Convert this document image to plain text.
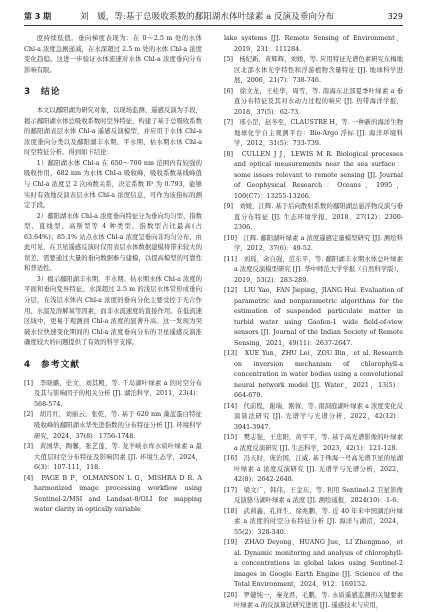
第 3 期	刘　媛，等:基于总吸收系数的鄱阳湖水体叶绿素 a 反演及垂向分布	329

度持续低值。垂向梯度表现为：在 0～2.5 m 处的水体 Chl-a 浓度急剧递减，在水深超过 2.5 m 处的水体 Chl-a 浓度变化趋稳。这进一步验证水体流速对水体 Chl-a 浓度垂向分布影响有限。

3　结论

本文以鄱阳湖为研究对象，以现场监测、遥感反演为手段，揭示鄱阳湖水体总吸收系数时空异特征，构建了基于总吸收系数的鄱阳湖表层水体 Chl-a 遥感反演模型，并应用于水体 Chl-a 浓度垂向分类以及鄱阳湖丰水期、平水期、枯水期水体 Chl-a 时空特征分析。得到如下结论：

1）鄱阳湖水体 Chl-a 在 650～700 nm 范围内有较强的吸收作用，682 nm 为水体 Chl-a 吸收峰，吸收系数基线峰值与 Chl-a 浓度呈 2 次函数关系，决定系数 R² 为 0.793，能够实时有效地反演表层水体 Chl-a 浓度信息，可作为该指标的测定手段。

2）鄱阳湖水体 Chl-a 浓度垂向特征分为垂向均匀型、指数型、直线型、高斯型等 4 种类型，指数型占比最高(占 63.64%)；85.1% 站点水体 Chl-a 浓度呈垂向非均匀分布，由此可见，在卫星遥感反演时仅用表层水体数据建模将带来较大的误差，需要通过大量的垂向数据参与建模，以提高模型的可靠性和普适性。

3）揭示鄱阳湖丰水期、平水期、枯水期水体 Chl-a 浓度的平面和垂向变异特征。水深超过 2.5 m 的浅层水体常形成垂向分层，在浅层水体内 Chl-a 浓度的垂向分化主要受控于光合作用、水温及溶解氧等因素，而非水流速度的直接作用。在低流速区域中，更易于观测到 Chl-a 浓度的显著升高。这一发现为突破水位快速变化期间的 Chl-a 浓度垂向分布的卫星遥感反演准确度较大的问题提供了有效的科学支撑。

4　参考文献

[1]　李晓璐，史文，刘其殿，等. 千岛湖叶绿素 a 的时空分布及其与影响因子的相关分析 [J]. 湖泊科学，2011，23(4)：568-574.

[2]　胡月红，刘丽云，张乾，等. 基于 620 nm 藻蓝蛋白特征吸收峰的鄱阳湖水华先进指数的分布特征分析 [J]. 环境科学研究，2024，37(8)：1756-1748.

[3]　黄国华，陶馨，张艺莲，等. 龙羊峡水库水质叶绿素 a 最大值层时空分布特征及影响因素 [J]. 环境生态学，2024，6(3)：107-111，118.

[4]　PAGE B P，OLMANSON L G，MISHRA D R. A harmonized image processing workflow using Sentinel-2/MSI and Landsat-8/OLI for mapping water clarity in optically variable

lake systems [J]. Remote Sensing of Environment，2019，231：111284.

[5]　杨纪新，黄辉辉，刘媛，等. 应用特征光谱色素研究东梅地区北部水体光学特性和浮游植物含量特征 [J]. 地球科学进展，2006，21(7)：738-746.

[6]　徐文龙，王桂华，周雪，等. 南海东北部夏季叶绿素 a 垂直分布特征及其对水动力过程的响应 [J]. 热带海洋学报，2018，37(5)：62-73.

[7]　邢小罡，赵冬至，CLAUSTRE H，等. 一种新的海洋生物地球化学自主观测平台：Bio-Argo 浮标 [J]. 海洋环境科学，2012，31(5)：733-739.

[8]　CULLEN J J，LEWIS M R. Biological processes and optical measurements near the sea surface：some issues relevant to remote sensing [J]. Journal of Geophysical Research：Oceans，1995，100(C7)：13255-13266.

[9]　刘媛，江辉. 基于后向散射系数的鄱阳湖总悬浮物反演与垂直分布特征 [J]. 生态环境学报，2018，27(12)：2300-2306.

[10]　江辉. 鄱阳湖叶绿素 a 浓度遥感定量模型研究 [J]. 测绘科学，2012，37(6)：49-52.

[11]　刘瑶，余自强，范东平，等. 鄱阳湖丰水期水体总叶绿素 a 浓度反演模型研究 [J]. 华中师范大学学报（自然科学版），2019，53(2)：283-289.

[12]　LIU Yao，FAN Jieping，JIANG Hui. Evaluation of parametric and nonparametric algorithms for the estimation of suspended particulate matter in turbid water using Gaofen-1 wide field-of-view sensors [J]. Journal of the Indian Society of Remote Sensing，2021，49(11)：2637-2647.

[13]　XUE Yun，ZHU Lei，ZOU Bin，et al. Research on inversion mechanism of chlorophyll-a concentration in water bodies using a convolutional neural network model [J]. Water，2021，13(5)：664-679.

[14]　代前程，谢瑞，刚蓉，等. 南洞庭湖叶绿素 a 浓度变化反演算法研究 [J]. 光谱学与光谱分析，2022，42(12)：3941-3947.

[15]　樊志强，王忠阳，黄平平，等. 基于高光谱影像的叶绿素 a 浓度反演研究 [J]. 生态科学，2023，42(1)：121-128.

[16]　冯天时，庞治国，江威. 基于珠海一号高光谱卫星的星湖叶绿素 a 浓度反演研究 [J]. 光谱学与光谱分析，2022，42(8)：2642-2648.

[17]　梁文广，韩伟，王金东，等. 利用 Sentinel-2 卫星影像反演骆马湖叶绿素 a 浓度 [J]. 测绘通报，2024(10)：1-6.

[18]　武莉鑫，孔祥生，徐兆鹏，等. 近 40 年来中国湖泊叶绿素 a 浓度的时空分布特征分析 [J]. 海洋与湖沼，2024，55(2)：328-340.

[19]　ZHAO Deyong，HUANG Jue，LI Zhengmao，et al. Dynamic monitoring and analysis of chlorophyll-a concentrations in global lakes using Sentinel-2 images in Google Earth Engine [J]. Science of the Total Environment，2024，912：169152.

[20]　罗婕纯一，秦龙君，毛鹏，等. 水质遥感监测的关键要素叶绿素 a 的反演算法研究进展 [J]. 遥感技术与应用，
